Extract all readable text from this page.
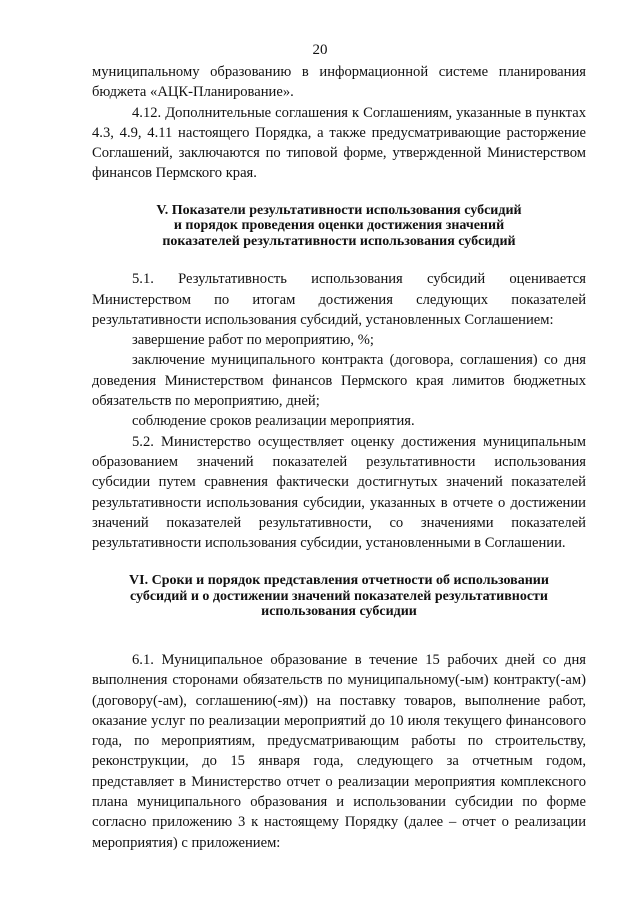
20

муниципальному образованию в информационной системе планирования бюджета «АЦК-Планирование».

4.12. Дополнительные соглашения к Соглашениям, указанные в пунктах 4.3, 4.9, 4.11 настоящего Порядка, а также предусматривающие расторжение Соглашений, заключаются по типовой форме, утвержденной Министерством финансов Пермского края.

V. Показатели результативности использования субсидий
и порядок проведения оценки достижения значений
показателей результативности использования субсидий

5.1. Результативность использования субсидий оценивается Министерством по итогам достижения следующих показателей результативности использования субсидий, установленных Соглашением:

завершение работ по мероприятию, %;

заключение муниципального контракта (договора, соглашения) со дня доведения Министерством финансов Пермского края лимитов бюджетных обязательств по мероприятию, дней;

соблюдение сроков реализации мероприятия.

5.2. Министерство осуществляет оценку достижения муниципальным образованием значений показателей результативности использования субсидии путем сравнения фактически достигнутых значений показателей результативности использования субсидии, указанных в отчете о достижении значений показателей результативности, со значениями показателей результативности использования субсидии, установленными в Соглашении.

VI. Сроки и порядок представления отчетности об использовании
субсидий и о достижении значений показателей результативности
использования субсидии

6.1. Муниципальное образование в течение 15 рабочих дней со дня выполнения сторонами обязательств по муниципальному(-ым) контракту(-ам) (договору(-ам), соглашению(-ям)) на поставку товаров, выполнение работ, оказание услуг по реализации мероприятий до 10 июля текущего финансового года, по мероприятиям, предусматривающим работы по строительству, реконструкции, до 15 января года, следующего за отчетным годом, представляет в Министерство отчет о реализации мероприятия комплексного плана муниципального образования и использовании субсидии по форме согласно приложению 3 к настоящему Порядку (далее – отчет о реализации мероприятия) с приложением:
